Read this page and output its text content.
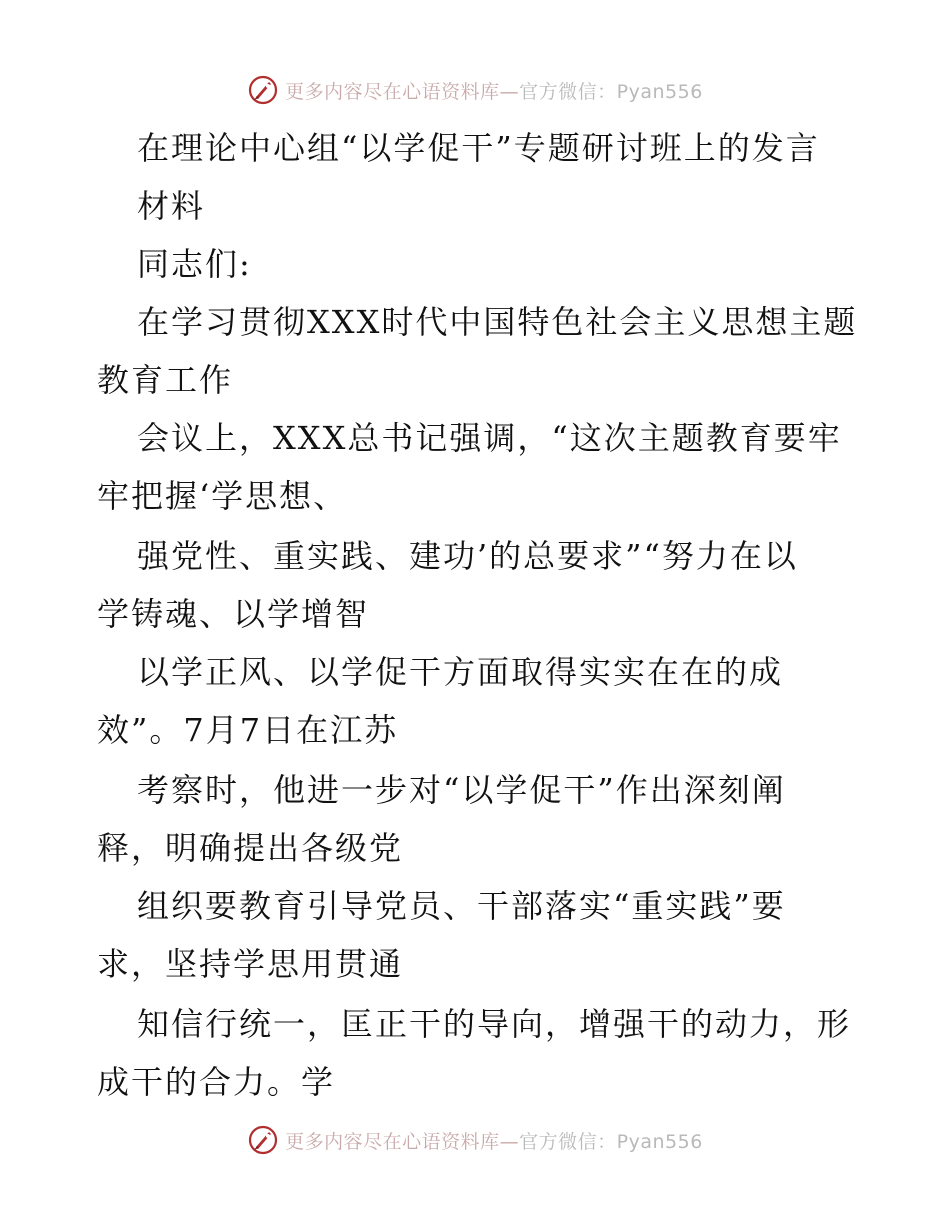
更多内容尽在心语资料库—官方微信：Pyan556
在理论中心组“以学促干”专题研讨班上的发言
材料
同志们:
在学习贯彻XXX时代中国特色社会主义思想主题
教育工作
会议上，XXX总书记强调，“这次主题教育要牢
牢把握‘学思想、
强党性、重实践、建功’的总要求”“努力在以
学铸魂、以学增智
以学正风、以学促干方面取得实实在在的成
效”。7月7日在江苏
考察时，他进一步对“以学促干”作出深刻阐
释，明确提出各级党
组织要教育引导党员、干部落实“重实践”要
求，坚持学思用贯通
知信行统一，匡正干的导向，增强干的动力，形
成干的合力。学
更多内容尽在心语资料库—官方微信：Pyan556
